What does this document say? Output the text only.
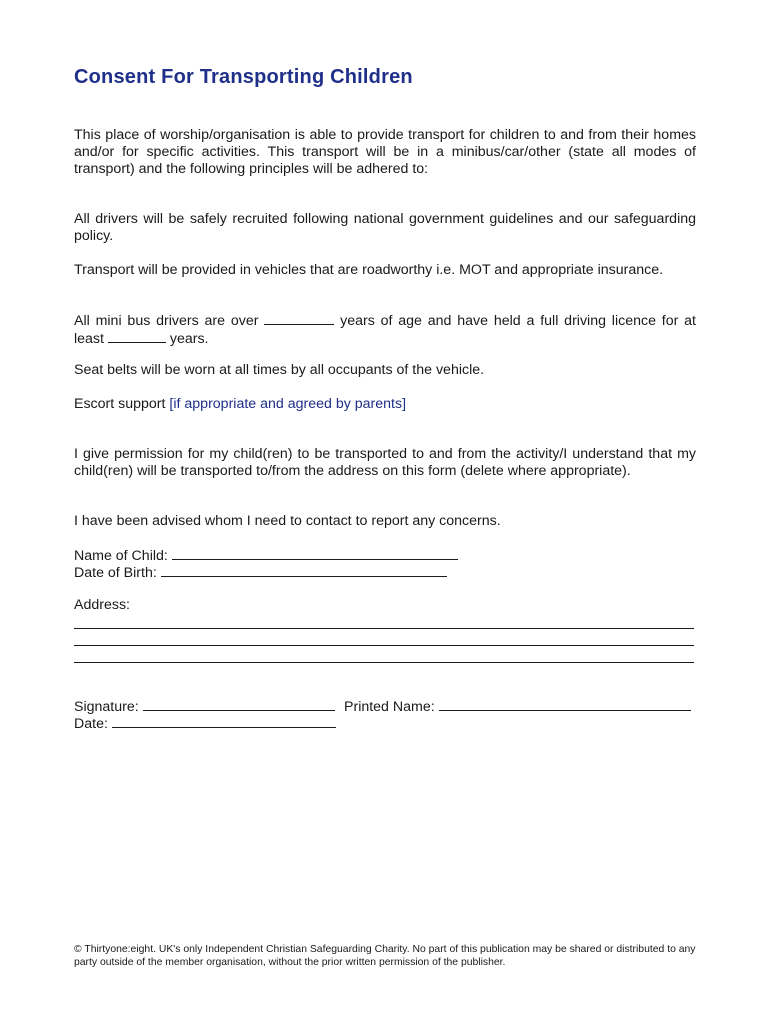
Consent For Transporting Children

This place of worship/organisation is able to provide transport for children to and from their homes and/or for specific activities. This transport will be in a minibus/car/other (state all modes of transport) and the following principles will be adhered to:

All drivers will be safely recruited following national government guidelines and our safeguarding policy.

Transport will be provided in vehicles that are roadworthy i.e. MOT and appropriate insurance.

All mini bus drivers are over	years of age and have held a full driving licence for at least	years.

Seat belts will be worn at all times by all occupants of the vehicle.

Escort support [if appropriate and agreed by parents]

I give permission for my child(ren) to be transported to and from the activity/I understand that my child(ren) will be transported to/from the address on this form (delete where appropriate).

I have been advised whom I need to contact to report any concerns.

Name of Child:
Date of Birth:
Address:
Signature:	Printed Name:
Date:

© Thirtyone:eight. UK's only Independent Christian Safeguarding Charity. No part of this publication may be shared or distributed to any party outside of the member organisation, without the prior written permission of the publisher.
